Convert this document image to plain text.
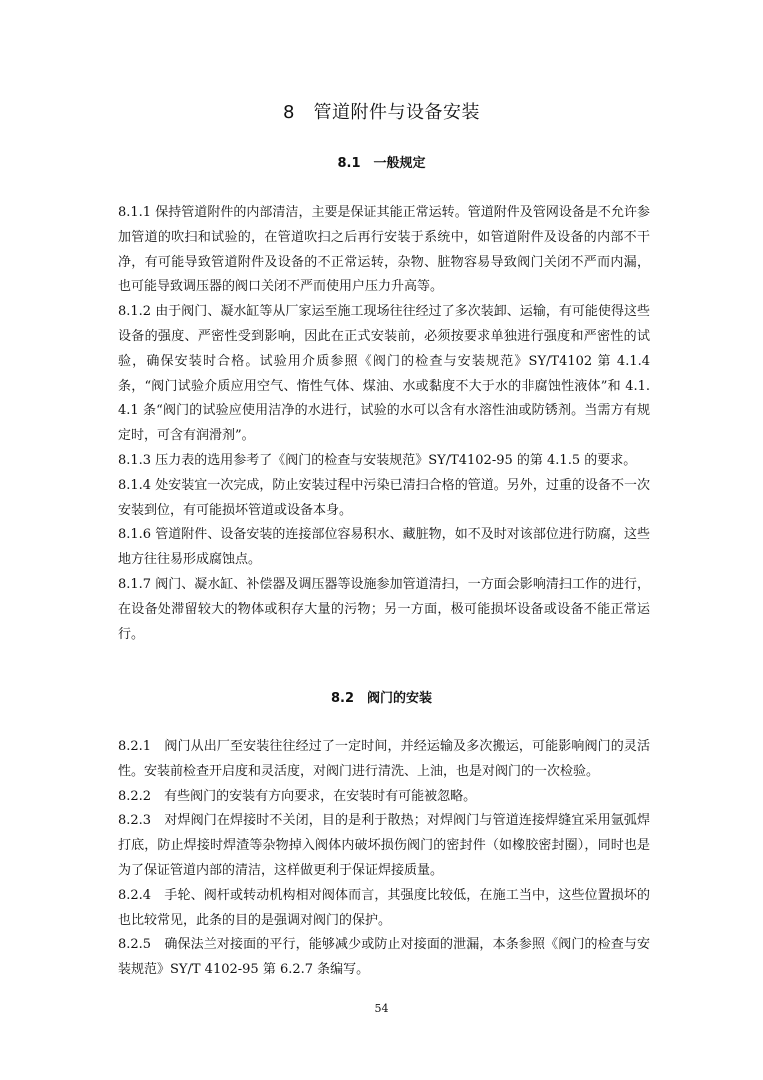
8　管道附件与设备安装
8.1　一般规定

8.1.1 保持管道附件的内部清洁，主要是保证其能正常运转。管道附件及管网设备是不允许参加管道的吹扫和试验的，在管道吹扫之后再行安装于系统中，如管道附件及设备的内部不干净，有可能导致管道附件及设备的不正常运转，杂物、脏物容易导致阀门关闭不严而内漏，也可能导致调压器的阀口关闭不严而使用户压力升高等。

8.1.2 由于阀门、凝水缸等从厂家运至施工现场往往经过了多次装卸、运输，有可能使得这些设备的强度、严密性受到影响，因此在正式安装前，必须按要求单独进行强度和严密性的试验，确保安装时合格。试验用介质参照《阀门的检查与安装规范》SY/T4102 第 4.1.4 条，“阀门试验介质应用空气、惰性气体、煤油、水或黏度不大于水的非腐蚀性液体”和 4.1.4.1 条“阀门的试验应使用洁净的水进行，试验的水可以含有水溶性油或防锈剂。当需方有规定时，可含有润滑剂”。

8.1.3 压力表的选用参考了《阀门的检查与安装规范》SY/T4102-95 的第 4.1.5 的要求。

8.1.4 处安装宜一次完成，防止安装过程中污染已清扫合格的管道。另外，过重的设备不一次安装到位，有可能损坏管道或设备本身。

8.1.6 管道附件、设备安装的连接部位容易积水、藏脏物，如不及时对该部位进行防腐，这些地方往往易形成腐蚀点。

8.1.7 阀门、凝水缸、补偿器及调压器等设施参加管道清扫，一方面会影响清扫工作的进行，在设备处滞留较大的物体或积存大量的污物；另一方面，极可能损坏设备或设备不能正常运行。

8.2　阀门的安装

8.2.1　阀门从出厂至安装往往经过了一定时间，并经运输及多次搬运，可能影响阀门的灵活性。安装前检查开启度和灵活度，对阀门进行清洗、上油，也是对阀门的一次检验。

8.2.2　有些阀门的安装有方向要求，在安装时有可能被忽略。

8.2.3　对焊阀门在焊接时不关闭，目的是利于散热；对焊阀门与管道连接焊缝宜采用氩弧焊打底，防止焊接时焊渣等杂物掉入阀体内破坏损伤阀门的密封件（如橡胶密封圈），同时也是为了保证管道内部的清洁，这样做更利于保证焊接质量。

8.2.4　手轮、阀杆或转动机构相对阀体而言，其强度比较低，在施工当中，这些位置损坏的也比较常见，此条的目的是强调对阀门的保护。

8.2.5　确保法兰对接面的平行，能够减少或防止对接面的泄漏，本条参照《阀门的检查与安装规范》SY/T 4102-95 第 6.2.7 条编写。

54
